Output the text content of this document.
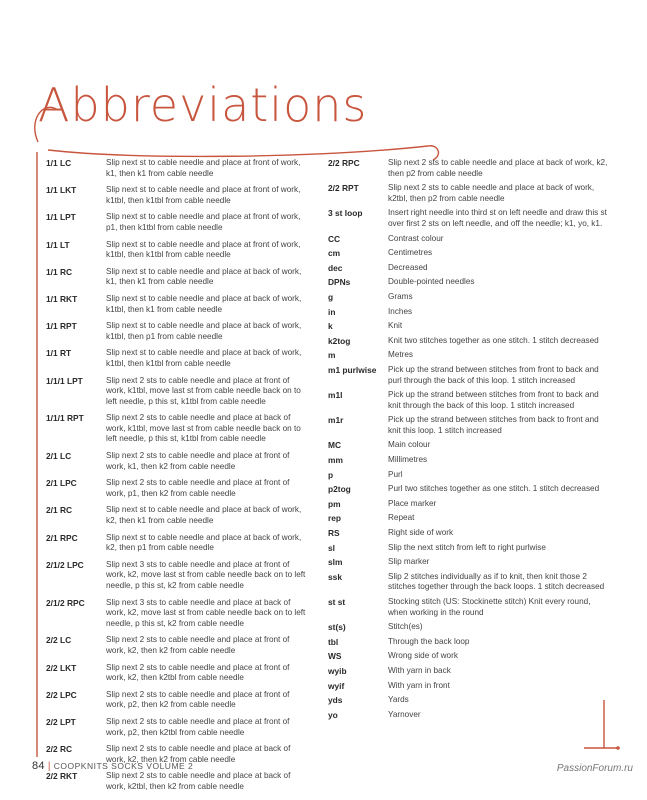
Abbreviations
1/1 LC	Slip next st to cable needle and place at front of work, k1, then k1 from cable needle
1/1 LKT	Slip next st to cable needle and place at front of work, k1tbl, then k1tbl from cable needle
1/1 LPT	Slip next st to cable needle and place at front of work, p1, then k1tbl from cable needle
1/1 LT	Slip next st to cable needle and place at front of work, k1tbl, then k1tbl from cable needle
1/1 RC	Slip next st to cable needle and place at back of work, k1, then k1 from cable needle
1/1 RKT	Slip next st to cable needle and place at back of work, k1tbl, then k1 from cable needle
1/1 RPT	Slip next st to cable needle and place at back of work, k1tbl, then p1 from cable needle
1/1 RT	Slip next st to cable needle and place at back of work, k1tbl, then k1tbl from cable needle
1/1/1 LPT	Slip next 2 sts to cable needle and place at front of work, k1tbl, move last st from cable needle back on to left needle, p this st, k1tbl from cable needle
1/1/1 RPT	Slip next 2 sts to cable needle and place at back of work, k1tbl, move last st from cable needle back on to left needle, p this st, k1tbl from cable needle
2/1 LC	Slip next 2 sts to cable needle and place at front of work, k1, then k2 from cable needle
2/1 LPC	Slip next 2 sts to cable needle and place at front of work, p1, then k2 from cable needle
2/1 RC	Slip next st to cable needle and place at back of work, k2, then k1 from cable needle
2/1 RPC	Slip next st to cable needle and place at back of work, k2, then p1 from cable needle
2/1/2 LPC	Slip next 3 sts to cable needle and place at front of work, k2, move last st from cable needle back on to left needle, p this st, k2 from cable needle
2/1/2 RPC	Slip next 3 sts to cable needle and place at back of work, k2, move last st from cable needle back on to left needle, p this st, k2 from cable needle
2/2 LC	Slip next 2 sts to cable needle and place at front of work, k2, then k2 from cable needle
2/2 LKT	Slip next 2 sts to cable needle and place at front of work, k2, then k2tbl from cable needle
2/2 LPC	Slip next 2 sts to cable needle and place at front of work, p2, then k2 from cable needle
2/2 LPT	Slip next 2 sts to cable needle and place at front of work, p2, then k2tbl from cable needle
2/2 RC	Slip next 2 sts to cable needle and place at back of work, k2, then k2 from cable needle
2/2 RKT	Slip next 2 sts to cable needle and place at back of work, k2tbl, then k2 from cable needle
2/2 RPC	Slip next 2 sts to cable needle and place at back of work, k2, then p2 from cable needle
2/2 RPT	Slip next 2 sts to cable needle and place at back of work, k2tbl, then p2 from cable needle
3 st loop	Insert right needle into third st on left needle and draw this st over first 2 sts on left needle, and off the needle; k1, yo, k1.
CC	Contrast colour
cm	Centimetres
dec	Decreased
DPNs	Double-pointed needles
g	Grams
in	Inches
k	Knit
k2tog	Knit two stitches together as one stitch. 1 stitch decreased
m	Metres
m1 purlwise	Pick up the strand between stitches from front to back and purl through the back of this loop. 1 stitch increased
m1l	Pick up the strand between stitches from front to back and knit through the back of this loop. 1 stitch increased
m1r	Pick up the strand between stitches from back to front and knit this loop. 1 stitch increased
MC	Main colour
mm	Millimetres
p	Purl
p2tog	Purl two stitches together as one stitch. 1 stitch decreased
pm	Place marker
rep	Repeat
RS	Right side of work
sl	Slip the next stitch from left to right purlwise
slm	Slip marker
ssk	Slip 2 stitches individually as if to knit, then knit those 2 stitches together through the back loops. 1 stitch decreased
st st	Stocking stitch (US: Stockinette stitch) Knit every round, when working in the round
st(s)	Stitch(es)
tbl	Through the back loop
WS	Wrong side of work
wyib	With yarn in back
wyif	With yarn in front
yds	Yards
yo	Yarnover
84 | COOPKNITS SOCKS VOLUME 2	PassionForum.ru
